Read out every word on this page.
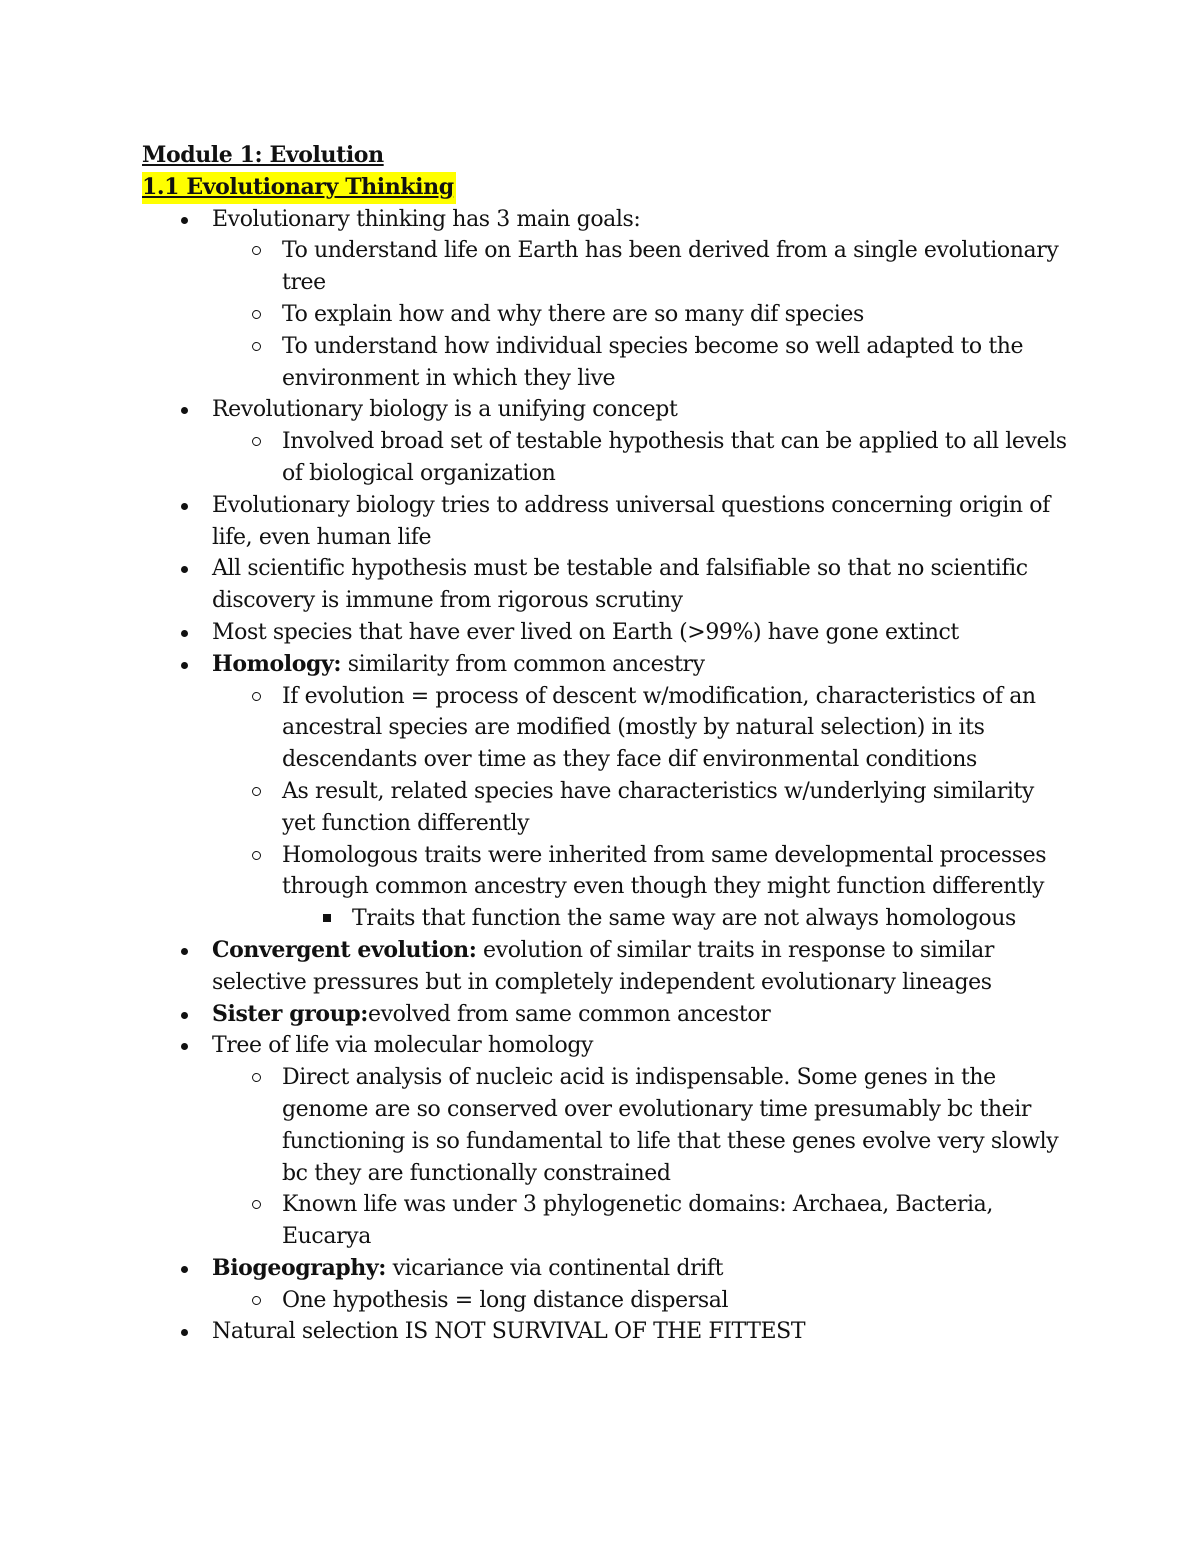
Module 1: Evolution
1.1 Evolutionary Thinking
Evolutionary thinking has 3 main goals:
To understand life on Earth has been derived from a single evolutionary tree
To explain how and why there are so many dif species
To understand how individual species become so well adapted to the environment in which they live
Revolutionary biology is a unifying concept
Involved broad set of testable hypothesis that can be applied to all levels of biological organization
Evolutionary biology tries to address universal questions concerning origin of life, even human life
All scientific hypothesis must be testable and falsifiable so that no scientific discovery is immune from rigorous scrutiny
Most species that have ever lived on Earth (>99%) have gone extinct
Homology: similarity from common ancestry
If evolution = process of descent w/modification, characteristics of an ancestral species are modified (mostly by natural selection) in its descendants over time as they face dif environmental conditions
As result, related species have characteristics w/underlying similarity yet function differently
Homologous traits were inherited from same developmental processes through common ancestry even though they might function differently
Traits that function the same way are not always homologous
Convergent evolution: evolution of similar traits in response to similar selective pressures but in completely independent evolutionary lineages
Sister group:evolved from same common ancestor
Tree of life via molecular homology
Direct analysis of nucleic acid is indispensable. Some genes in the genome are so conserved over evolutionary time presumably bc their functioning is so fundamental to life that these genes evolve very slowly bc they are functionally constrained
Known life was under 3 phylogenetic domains: Archaea, Bacteria, Eucarya
Biogeography: vicariance via continental drift
One hypothesis = long distance dispersal
Natural selection IS NOT SURVIVAL OF THE FITTEST
